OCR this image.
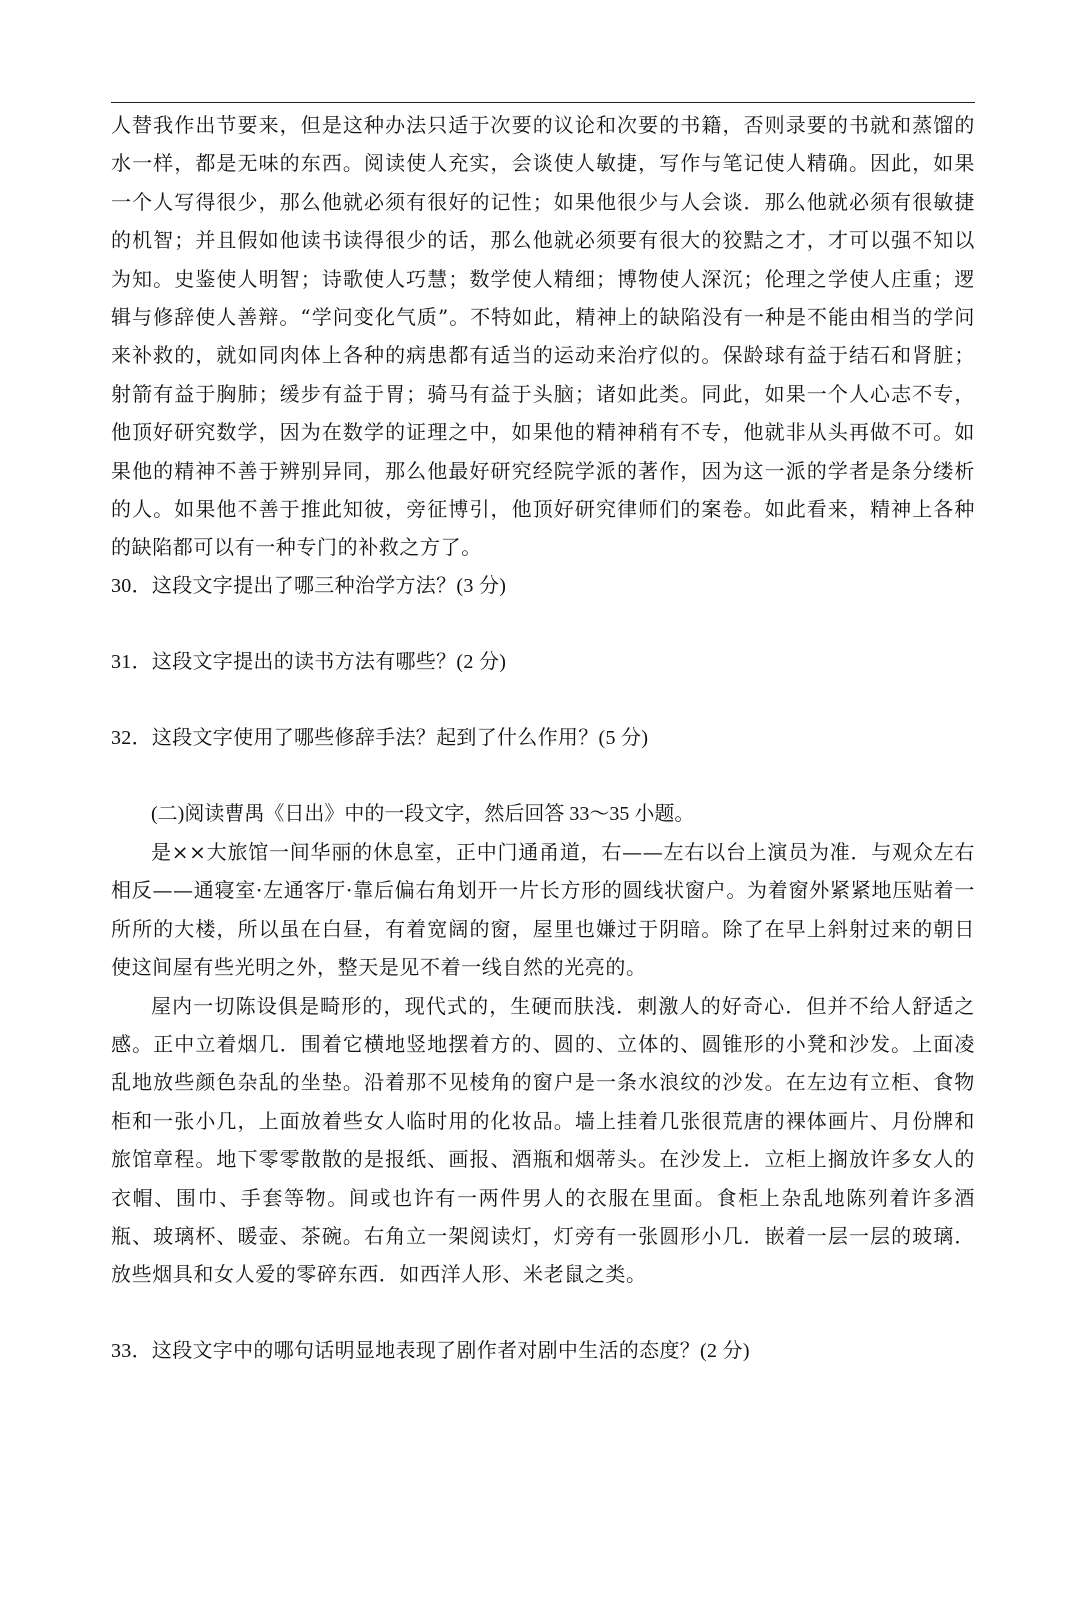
人替我作出节要来，但是这种办法只适于次要的议论和次要的书籍，否则录要的书就和蒸馏的水一样，都是无味的东西。阅读使人充实，会谈使人敏捷，写作与笔记使人精确。因此，如果一个人写得很少，那么他就必须有很好的记性；如果他很少与人会谈．那么他就必须有很敏捷的机智；并且假如他读书读得很少的话，那么他就必须要有很大的狡黠之才，才可以强不知以为知。史鉴使人明智；诗歌使人巧慧；数学使人精细；博物使人深沉；伦理之学使人庄重；逻辑与修辞使人善辩。“学问变化气质”。不特如此，精神上的缺陷没有一种是不能由相当的学问来补救的，就如同肉体上各种的病患都有适当的运动来治疗似的。保龄球有益于结石和肾脏；射箭有益于胸肺；缓步有益于胃；骑马有益于头脑；诸如此类。同此，如果一个人心志不专，他顶好研究数学，因为在数学的证理之中，如果他的精神稍有不专，他就非从头再做不可。如果他的精神不善于辨别异同，那么他最好研究经院学派的著作，因为这一派的学者是条分缕析的人。如果他不善于推此知彼，旁征博引，他顶好研究律师们的案卷。如此看来，精神上各种的缺陷都可以有一种专门的补救之方了。

30．这段文字提出了哪三种治学方法？(3 分)

31．这段文字提出的读书方法有哪些？(2 分)

32．这段文字使用了哪些修辞手法？起到了什么作用？(5 分)

(二)阅读曹禺《日出》中的一段文字，然后回答 33～35 小题。

是××大旅馆一间华丽的休息室，正中门通甬道，右——左右以台上演员为准．与观众左右相反——通寝室·左通客厅·靠后偏右角划开一片长方形的圆线状窗户。为着窗外紧紧地压贴着一所所的大楼，所以虽在白昼，有着宽阔的窗，屋里也嫌过于阴暗。除了在早上斜射过来的朝日使这间屋有些光明之外，整天是见不着一线自然的光亮的。

屋内一切陈设俱是畸形的，现代式的，生硬而肤浅．刺激人的好奇心．但并不给人舒适之感。正中立着烟几．围着它横地竖地摆着方的、圆的、立体的、圆锥形的小凳和沙发。上面凌乱地放些颜色杂乱的坐垫。沿着那不见棱角的窗户是一条水浪纹的沙发。在左边有立柜、食物柜和一张小几，上面放着些女人临时用的化妆品。墙上挂着几张很荒唐的裸体画片、月份牌和旅馆章程。地下零零散散的是报纸、画报、酒瓶和烟蒂头。在沙发上．立柜上搁放许多女人的衣帽、围巾、手套等物。间或也许有一两件男人的衣服在里面。食柜上杂乱地陈列着许多酒瓶、玻璃杯、暖壶、茶碗。右角立一架阅读灯，灯旁有一张圆形小几．嵌着一层一层的玻璃．放些烟具和女人爱的零碎东西．如西洋人形、米老鼠之类。

33．这段文字中的哪句话明显地表现了剧作者对剧中生活的态度？(2 分)
